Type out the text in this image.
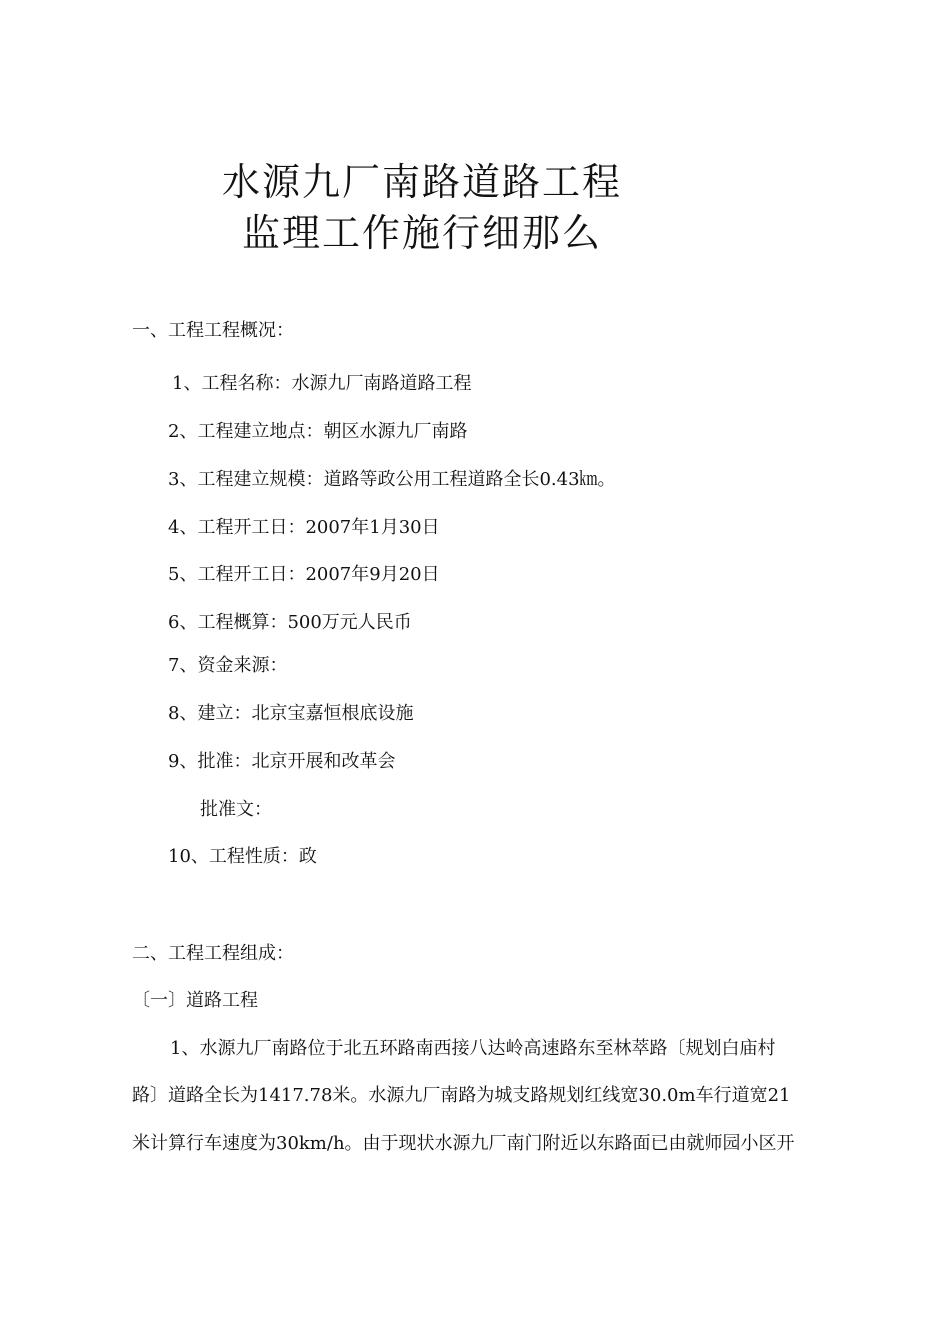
水源九厂南路道路工程
监理工作施行细那么
一、工程工程概况：
1、工程名称：水源九厂南路道路工程
2、工程建立地点：朝区水源九厂南路
3、工程建立规模：道路等政公用工程道路全长0.43㎞。
4、工程开工日：2007年1月30日
5、工程开工日：2007年9月20日
6、工程概算：500万元人民币
7、资金来源：
8、建立：北京宝嘉恒根底设施
9、批准：北京开展和改革会
批准文：
10、工程性质：政
二、工程工程组成：
〔一〕道路工程
1、水源九厂南路位于北五环路南西接八达岭高速路东至林萃路〔规划白庙村
路〕道路全长为1417.78米。水源九厂南路为城支路规划红线宽30.0m车行道宽21
米计算行车速度为30km/h。由于现状水源九厂南门附近以东路面已由就师园小区开
